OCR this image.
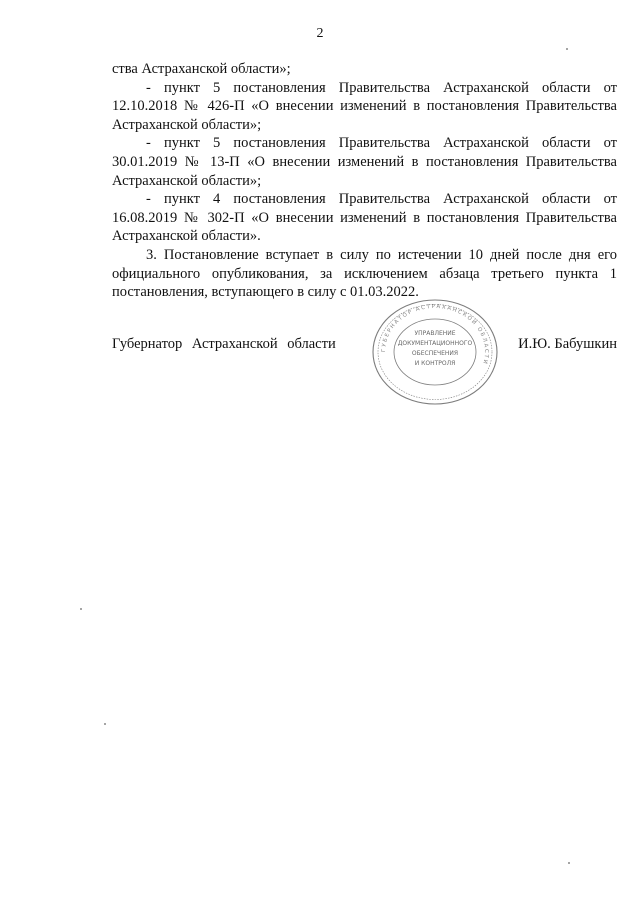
2

ства Астраханской области»;

- пункт 5 постановления Правительства Астраханской области от 12.10.2018 № 426-П «О внесении изменений в постановления Правительства Астраханской области»;

- пункт 5 постановления Правительства Астраханской области от 30.01.2019 № 13-П «О внесении изменений в постановления Правительства Астраханской области»;

- пункт 4 постановления Правительства Астраханской области от 16.08.2019 № 302-П «О внесении изменений в постановления Правительства Астраханской области».

3. Постановление вступает в силу по истечении 10 дней после дня его официального опубликования, за исключением абзаца третьего пункта 1 постановления, вступающего в силу с 01.03.2022.

Губернатор Астраханской области	И.Ю. Бабушкин
ГУБЕРНАТОР АСТРАХАНСКОЙ ОБЛАСТИ
УПРАВЛЕНИЕ
ДОКУМЕНТАЦИОННОГО
ОБЕСПЕЧЕНИЯ
И КОНТРОЛЯ
